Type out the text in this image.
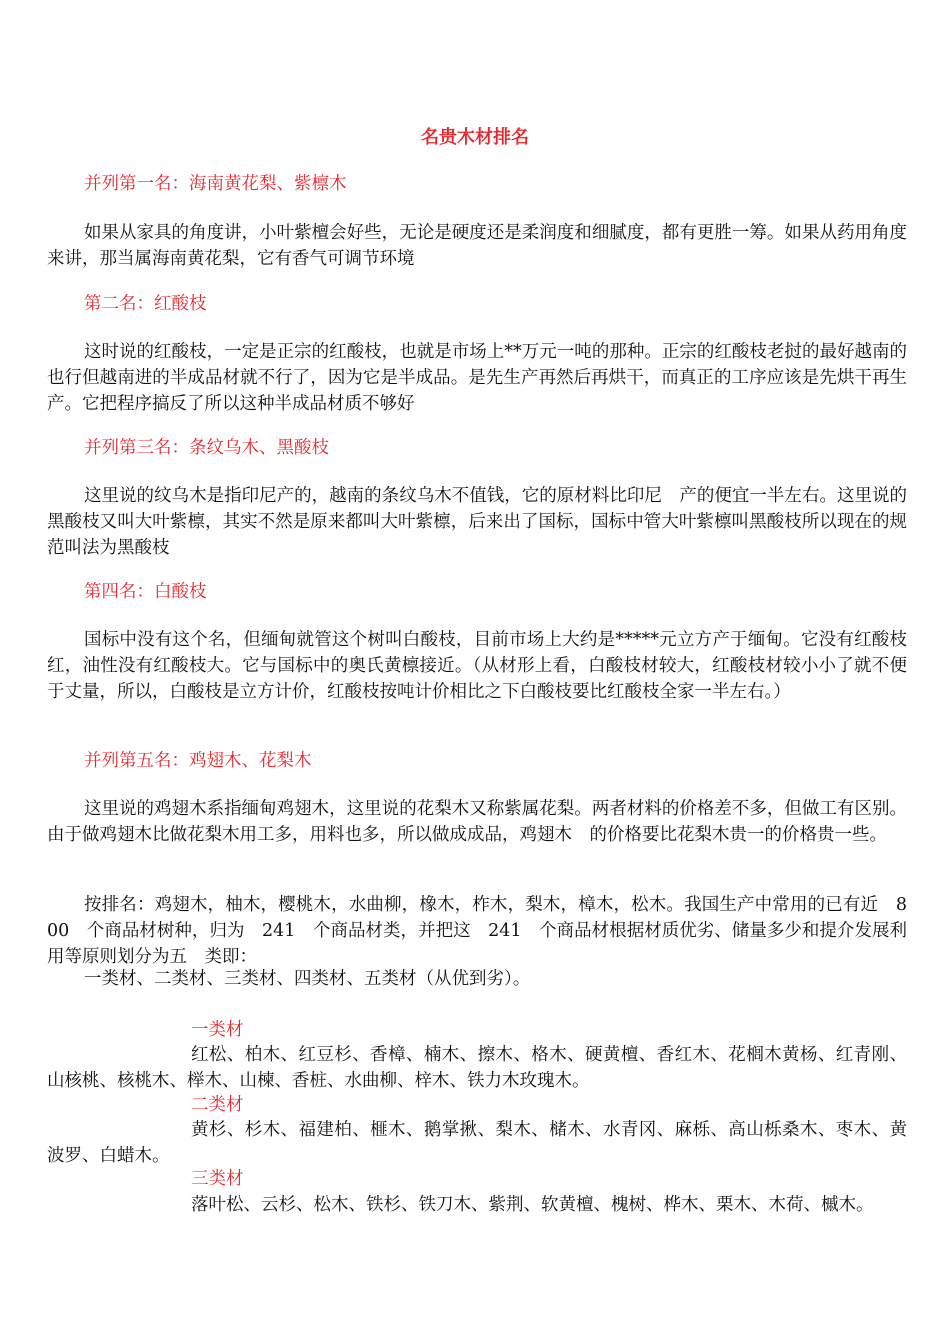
名贵木材排名
并列第一名：海南黄花梨、紫檩木
如果从家具的角度讲，小叶紫檀会好些，无论是硬度还是柔润度和细腻度，都有更胜一筹。如果从药用角度来讲，那当属海南黄花梨，它有香气可调节环境
第二名：红酸枝
这时说的红酸枝，一定是正宗的红酸枝，也就是市场上**万元一吨的那种。正宗的红酸枝老挝的最好越南的也行但越南进的半成品材就不行了，因为它是半成品。是先生产再然后再烘干，而真正的工序应该是先烘干再生产。它把程序搞反了所以这种半成品材质不够好
并列第三名：条纹乌木、黑酸枝
这里说的纹乌木是指印尼产的，越南的条纹乌木不值钱，它的原材料比印尼　产的便宜一半左右。这里说的黑酸枝又叫大叶紫檩，其实不然是原来都叫大叶紫檩，后来出了国标，国标中管大叶紫檩叫黑酸枝所以现在的规范叫法为黑酸枝
第四名：白酸枝
国标中没有这个名，但缅甸就管这个树叫白酸枝，目前市场上大约是*****元立方产于缅甸。它没有红酸枝红，油性没有红酸枝大。它与国标中的奥氏黄檩接近。（从材形上看，白酸枝材较大，红酸枝材较小小了就不便于丈量，所以，白酸枝是立方计价，红酸枝按吨计价相比之下白酸枝要比红酸枝全家一半左右。）
并列第五名：鸡翅木、花梨木
这里说的鸡翅木系指缅甸鸡翅木，这里说的花梨木又称紫属花梨。两者材料的价格差不多，但做工有区别。由于做鸡翅木比做花梨木用工多，用料也多，所以做成成品，鸡翅木　的价格要比花梨木贵一的价格贵一些。
按排名：鸡翅木，柚木，樱桃木，水曲柳，橡木，柞木，梨木，樟木，松木。我国生产中常用的已有近　800　个商品材树种，归为　241　个商品材类，并把这　241　个商品材根据材质优劣、储量多少和提介发展利用等原则划分为五　类即：
一类材、二类材、三类材、四类材、五类材（从优到劣）。
一类材
红松、柏木、红豆杉、香樟、楠木、擦木、格木、硬黄檀、香红木、花榈木黄杨、红青刚、山核桃、核桃木、榉木、山楝、香桩、水曲柳、梓木、铁力木玫瑰木。
二类材
黄杉、杉木、福建柏、榧木、鹅掌揪、梨木、槠木、水青冈、麻栎、高山栎桑木、枣木、黄波罗、白蜡木。
三类材
落叶松、云杉、松木、铁杉、铁刀木、紫荆、软黄檀、槐树、桦木、栗木、木荷、槭木。
